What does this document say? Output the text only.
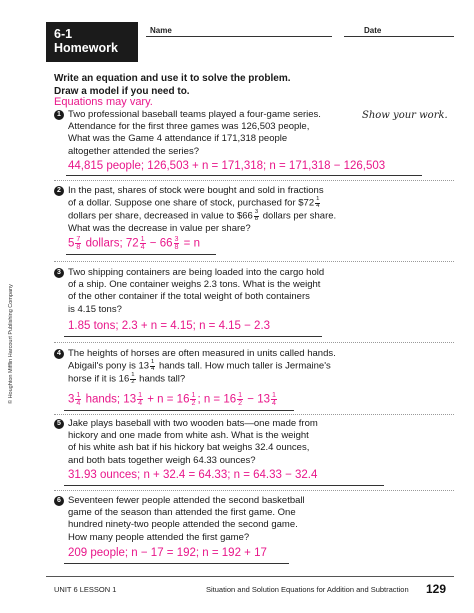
6-1
Homework
Name	Date
Write an equation and use it to solve the problem.
Draw a model if you need to.
Equations may vary.
Show your work.
1 Two professional baseball teams played a four-game series.
Attendance for the first three games was 126,503 people,
What was the Game 4 attendance if 171,318 people
altogether attended the series?
44,815 people; 126,503 + n = 171,318; n = 171,318 − 126,503
2 In the past, shares of stock were bought and sold in fractions
of a dollar. Suppose one share of stock, purchased for $72 $\frac{1}{4}$
dollars per share, decreased in value to $66 $\frac{3}{8}$ dollars per share.
What was the decrease in value per share?
$5 \frac{7}{8}$ dollars; $72 \frac{1}{4} - 66 \frac{3}{8} = n$
3 Two shipping containers are being loaded into the cargo hold
of a ship. One container weighs 2.3 tons. What is the weight
of the other container if the total weight of both containers
is 4.15 tons?
1.85 tons; 2.3 + n = 4.15; n = 4.15 − 2.3
4 The heights of horses are often measured in units called hands.
Abigail's pony is $13 \frac{1}{4}$ hands tall. How much taller is Jermaine's
horse if it is $16 \frac{1}{2}$ hands tall?
$3 \frac{1}{4}$ hands; $13 \frac{1}{4} + n = 16 \frac{1}{2}$ ; $n = 16 \frac{1}{2} - 13 \frac{1}{4}$
5 Jake plays baseball with two wooden bats—one made from
hickory and one made from white ash. What is the weight
of his white ash bat if his hickory bat weighs 32.4 ounces,
and both bats together weigh 64.33 ounces?
31.93 ounces; n + 32.4 = 64.33; n = 64.33 − 32.4
6 Seventeen fewer people attended the second basketball
game of the season than attended the first game. One
hundred ninety-two people attended the second game.
How many people attended the first game?
209 people; n − 17 = 192; n = 192 + 17
© Houghton Mifflin Harcourt Publishing Company
UNIT 6 LESSON 1	Situation and Solution Equations for Addition and Subtraction 129
